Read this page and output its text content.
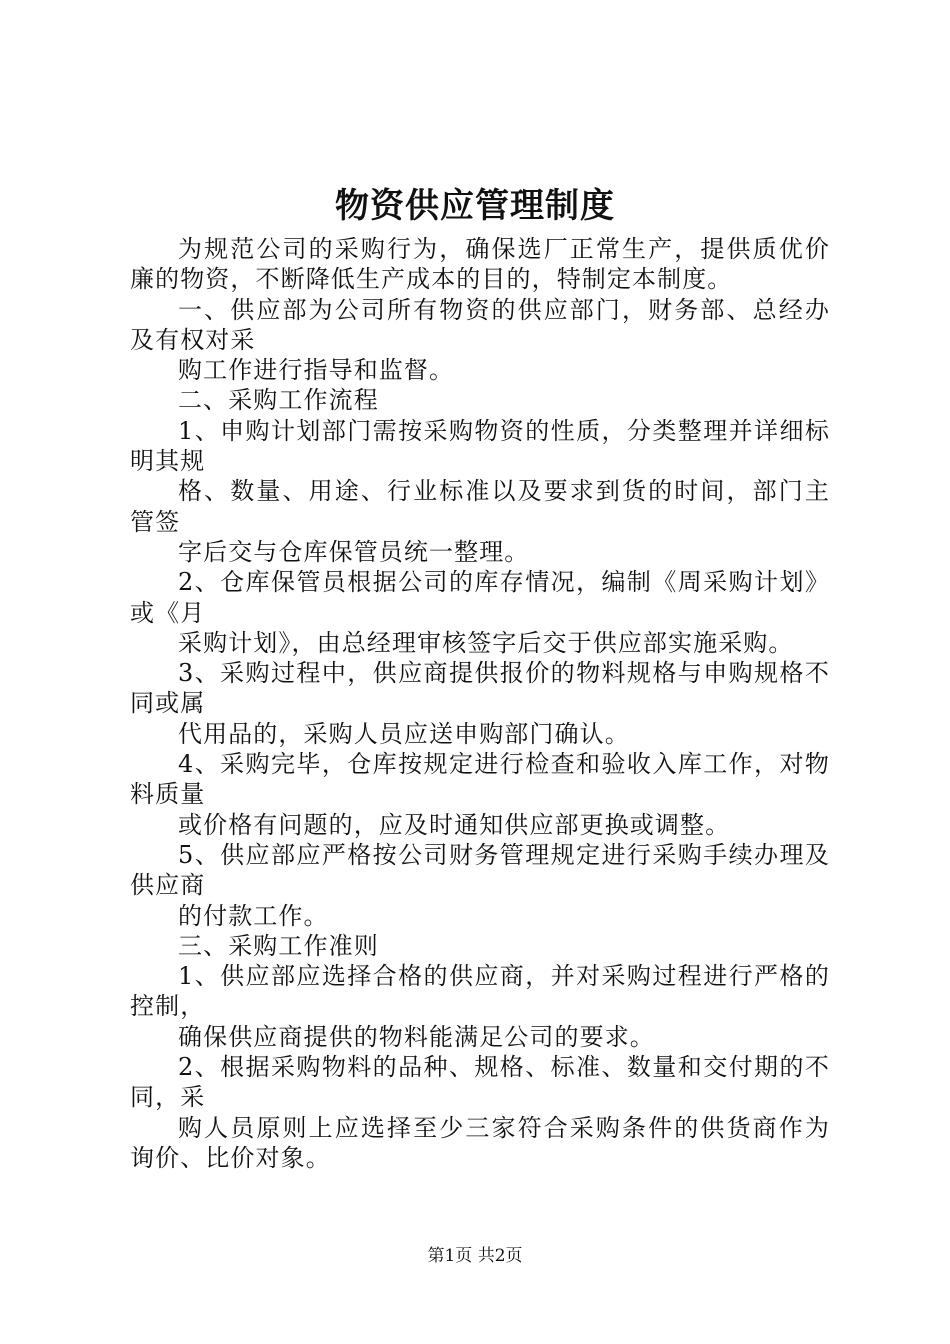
物资供应管理制度
为规范公司的采购行为，确保选厂正常生产，提供质优价
廉的物资，不断降低生产成本的目的，特制定本制度。
一、供应部为公司所有物资的供应部门，财务部、总经办
及有权对采
购工作进行指导和监督。
二、采购工作流程
1、申购计划部门需按采购物资的性质，分类整理并详细标
明其规
格、数量、用途、行业标准以及要求到货的时间，部门主
管签
字后交与仓库保管员统一整理。
2、仓库保管员根据公司的库存情况，编制《周采购计划》
或《月
采购计划》，由总经理审核签字后交于供应部实施采购。
3、采购过程中，供应商提供报价的物料规格与申购规格不
同或属
代用品的，采购人员应送申购部门确认。
4、采购完毕，仓库按规定进行检查和验收入库工作，对物
料质量
或价格有问题的，应及时通知供应部更换或调整。
5、供应部应严格按公司财务管理规定进行采购手续办理及
供应商
的付款工作。
三、采购工作准则
1、供应部应选择合格的供应商，并对采购过程进行严格的
控制，
确保供应商提供的物料能满足公司的要求。
2、根据采购物料的品种、规格、标准、数量和交付期的不
同，采
购人员原则上应选择至少三家符合采购条件的供货商作为
询价、比价对象。
第1页 共2页
